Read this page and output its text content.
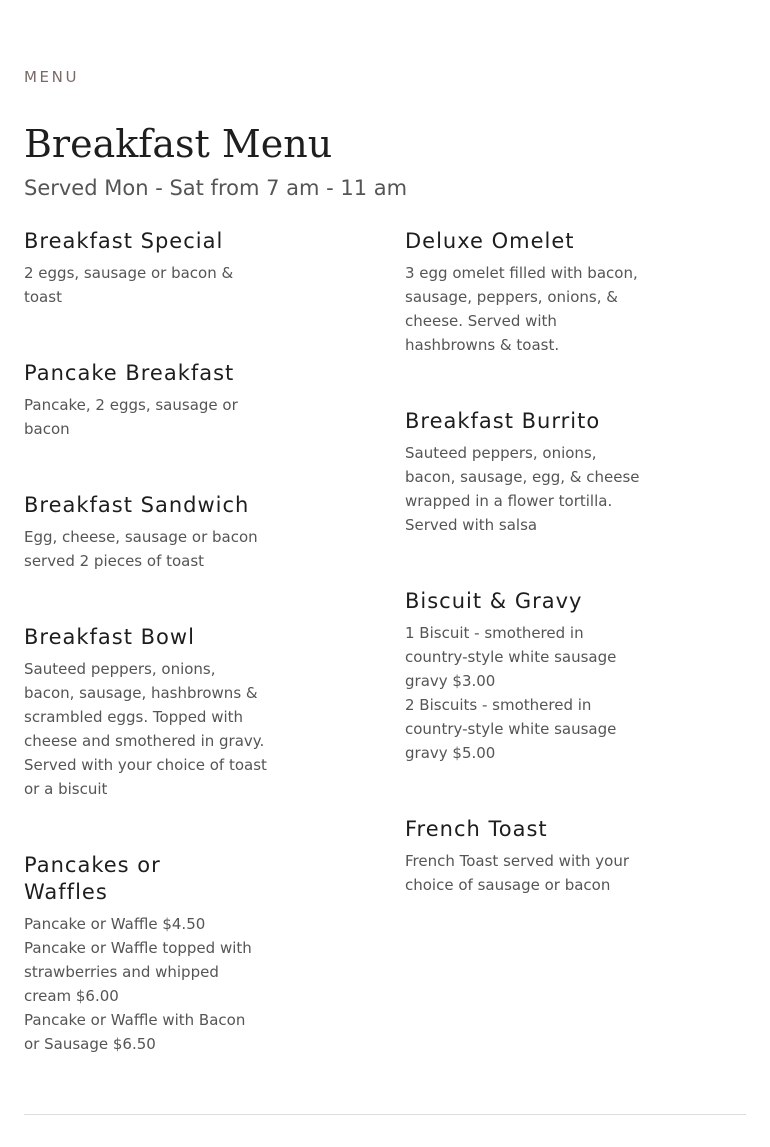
MENU
Breakfast Menu

Served Mon - Sat from 7 am - 11 am

Breakfast Special
2 eggs, sausage or bacon & toast
Pancake Breakfast
Pancake, 2 eggs, sausage or bacon
Breakfast Sandwich
Egg, cheese, sausage or bacon served 2 pieces of toast
Breakfast Bowl
Sauteed peppers, onions, bacon, sausage, hashbrowns & scrambled eggs. Topped with cheese and smothered in gravy. Served with your choice of toast or a biscuit
Pancakes or Waffles
Pancake or Waffle $4.50
Pancake or Waffle topped with strawberries and whipped cream $6.00
Pancake or Waffle with Bacon or Sausage $6.50
Deluxe Omelet
3 egg omelet filled with bacon, sausage, peppers, onions, & cheese. Served with hashbrowns & toast.
Breakfast Burrito
Sauteed peppers, onions, bacon, sausage, egg, & cheese wrapped in a flower tortilla. Served with salsa
Biscuit & Gravy
1 Biscuit - smothered in country-style white sausage gravy $3.00
2 Biscuits - smothered in country-style white sausage gravy $5.00
French Toast
French Toast served with your choice of sausage or bacon
